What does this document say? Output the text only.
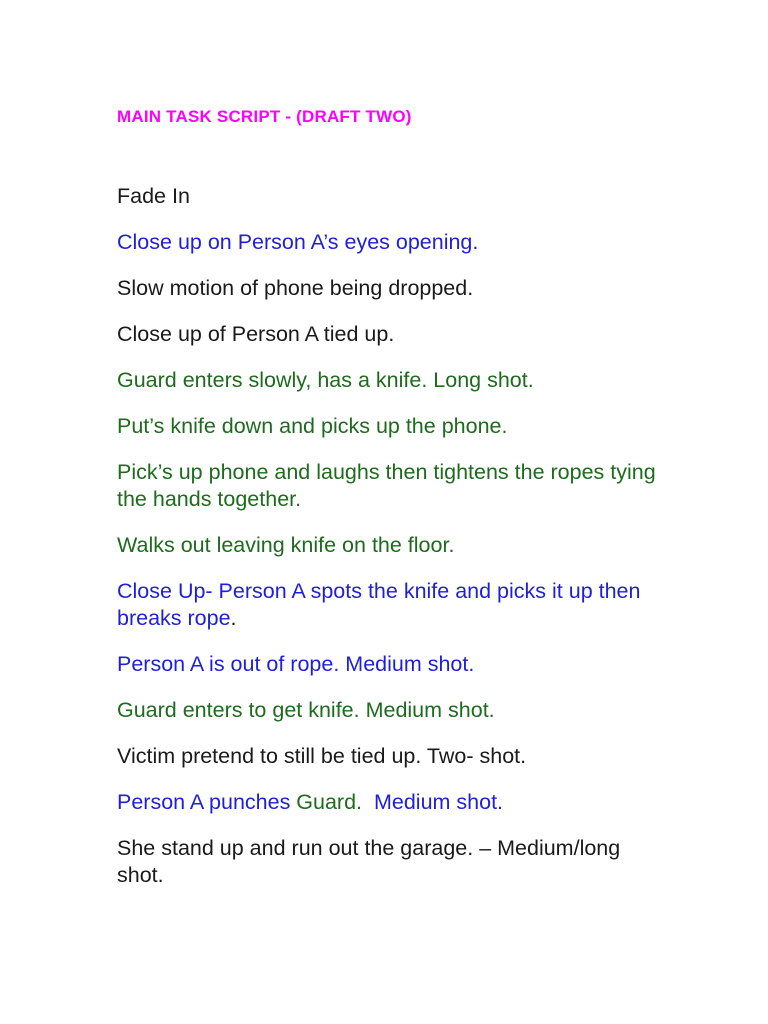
MAIN TASK SCRIPT - (DRAFT TWO)

Fade In

Close up on Person A’s eyes opening.

Slow motion of phone being dropped.

Close up of Person A tied up.

Guard enters slowly, has a knife. Long shot.

Put’s knife down and picks up the phone.

Pick’s up phone and laughs then tightens the ropes tying the hands together.

Walks out leaving knife on the floor.

Close Up- Person A spots the knife and picks it up then breaks rope.

Person A is out of rope. Medium shot.

Guard enters to get knife. Medium shot.

Victim pretend to still be tied up. Two- shot.

Person A punches Guard.  Medium shot.

She stand up and run out the garage. – Medium/long shot.
